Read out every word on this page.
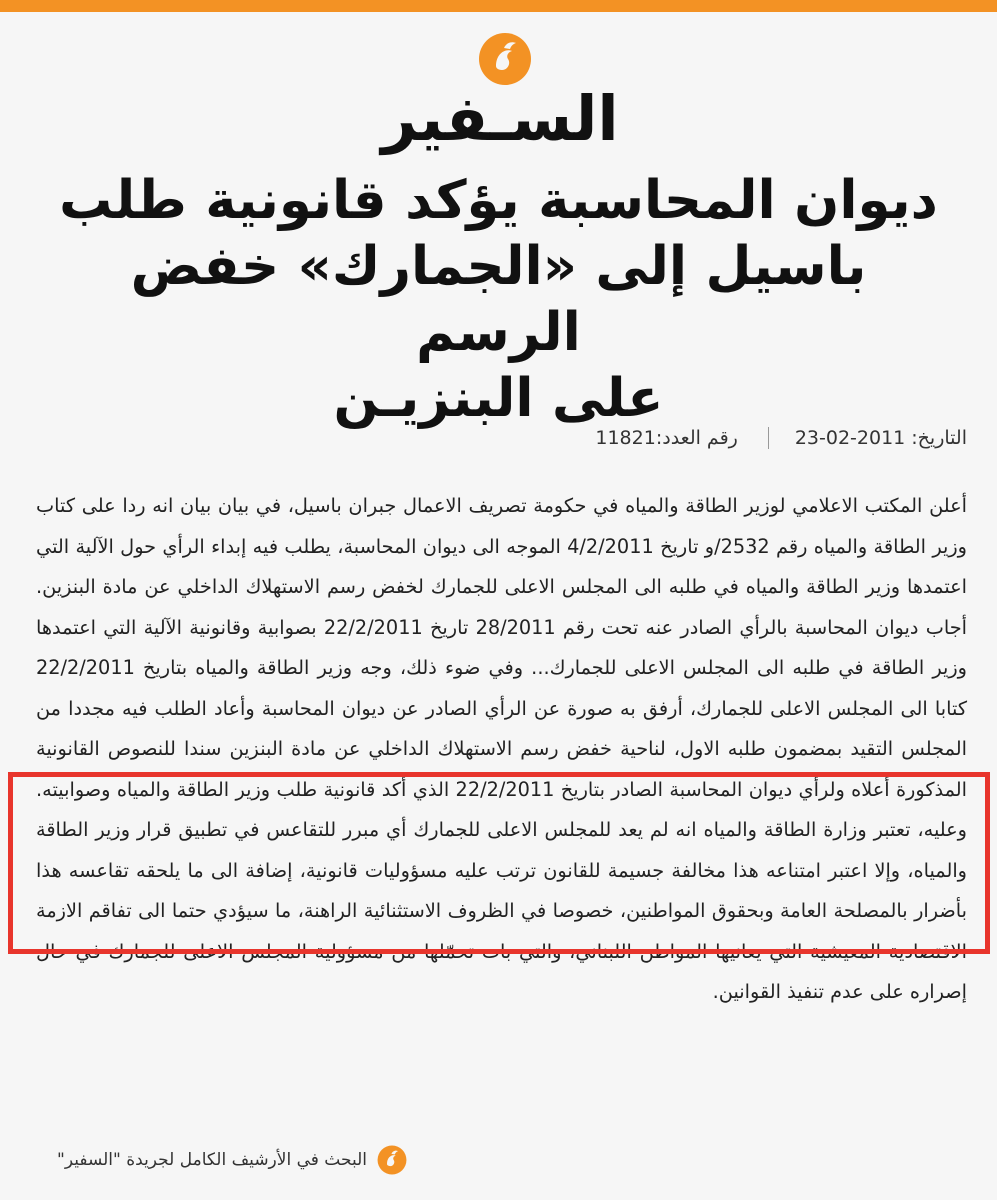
السـفير
ديوان المحاسبة يؤكد قانونية طلب
باسيل إلى «الجمارك» خفض الرسم
على البنزيـن
التاريخ:
23-02-2011
رقم العدد:
11821

أعلن المكتب الاعلامي لوزير الطاقة والمياه في حكومة تصريف الاعمال جبران باسيل، في بيان بيان انه ردا على كتاب وزير الطاقة والمياه رقم 2532/و تاريخ 4/2/2011 الموجه الى ديوان المحاسبة، يطلب فيه إبداء الرأي حول الآلية التي اعتمدها وزير الطاقة والمياه في طلبه الى المجلس الاعلى للجمارك لخفض رسم الاستهلاك الداخلي عن مادة البنزين. أجاب ديوان المحاسبة بالرأي الصادر عنه تحت رقم 28/2011 تاريخ 22/2/2011 بصوابية وقانونية الآلية التي اعتمدها وزير الطاقة في طلبه الى المجلس الاعلى للجمارك... وفي ضوء ذلك، وجه وزير الطاقة والمياه بتاريخ 22/2/2011 كتابا الى المجلس الاعلى للجمارك، أرفق به صورة عن الرأي الصادر عن ديوان المحاسبة وأعاد الطلب فيه مجددا من المجلس التقيد بمضمون طلبه الاول، لناحية خفض رسم الاستهلاك الداخلي عن مادة البنزين سندا للنصوص القانونية المذكورة أعلاه ولرأي ديوان المحاسبة الصادر بتاريخ 22/2/2011 الذي أكد قانونية طلب وزير الطاقة والمياه وصوابيته. وعليه، تعتبر وزارة الطاقة والمياه انه لم يعد للمجلس الاعلى للجمارك أي مبرر للتقاعس في تطبيق قرار وزير الطاقة والمياه، وإلا اعتبر امتناعه هذا مخالفة جسيمة للقانون ترتب عليه مسؤوليات قانونية، إضافة الى ما يلحقه تقاعسه هذا بأضرار بالمصلحة العامة وبحقوق المواطنين، خصوصا في الظروف الاستثنائية الراهنة، ما سيؤدي حتما الى تفاقم الازمة الاقتصادية المعيشية التي يعانيها المواطن اللبناني، والتي بات تحمّلها من مسؤولية المجلس الاعلى للجمارك في حال إصراره على عدم تنفيذ القوانين.

البحث في الأرشيف الكامل لجريدة "السفير"
